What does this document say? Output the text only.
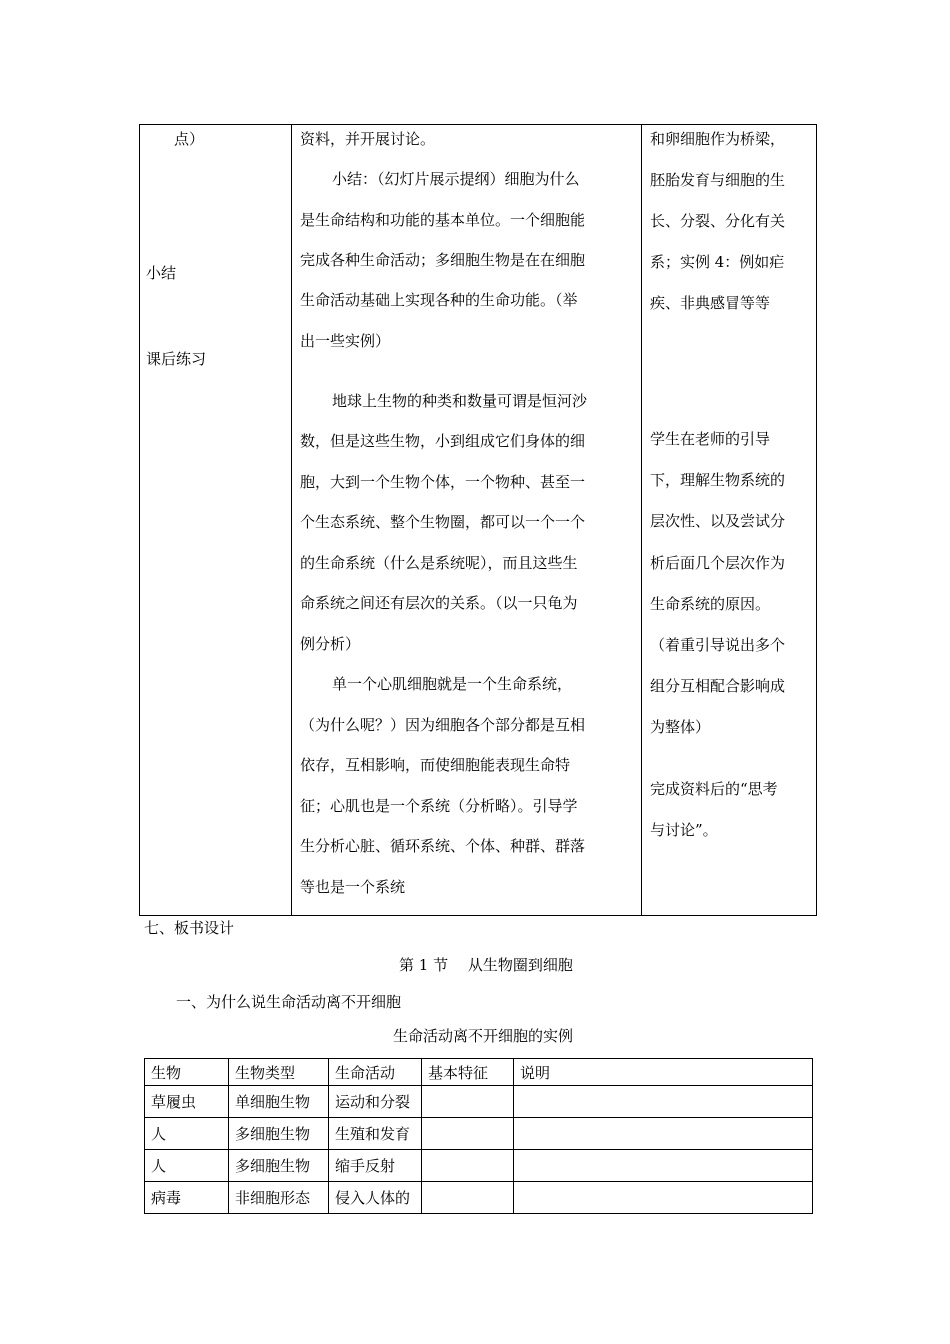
点）
小结
课后练习

资料，并开展讨论。
小结：（幻灯片展示提纲）细胞为什么
是生命结构和功能的基本单位。一个细胞能
完成各种生命活动；多细胞生物是在在细胞
生命活动基础上实现各种的生命功能。（举
出一些实例）
地球上生物的种类和数量可谓是恒河沙
数，但是这些生物，小到组成它们身体的细
胞，大到一个生物个体，一个物种、甚至一
个生态系统、整个生物圈，都可以一个一个
的生命系统（什么是系统呢），而且这些生
命系统之间还有层次的关系。（以一只龟为
例分析）
单一个心肌细胞就是一个生命系统，
（为什么呢？）因为细胞各个部分都是互相
依存，互相影响，而使细胞能表现生命特
征；心肌也是一个系统（分析略）。引导学
生分析心脏、循环系统、个体、种群、群落
等也是一个系统

和卵细胞作为桥梁，
胚胎发育与细胞的生
长、分裂、分化有关
系；实例 4：例如疟
疾、非典感冒等等
学生在老师的引导
下，理解生物系统的
层次性、以及尝试分
析后面几个层次作为
生命系统的原因。
（着重引导说出多个
组分互相配合影响成
为整体）
完成资料后的“思考
与讨论”。
七、板书设计
第 1 节　 从生物圈到细胞
一、为什么说生命活动离不开细胞
生命活动离不开细胞的实例
生物	生物类型	生命活动	基本特征	说明
草履虫	单细胞生物	运动和分裂		
人	多细胞生物	生殖和发育		
人	多细胞生物	缩手反射		
病毒	非细胞形态	侵入人体的		
